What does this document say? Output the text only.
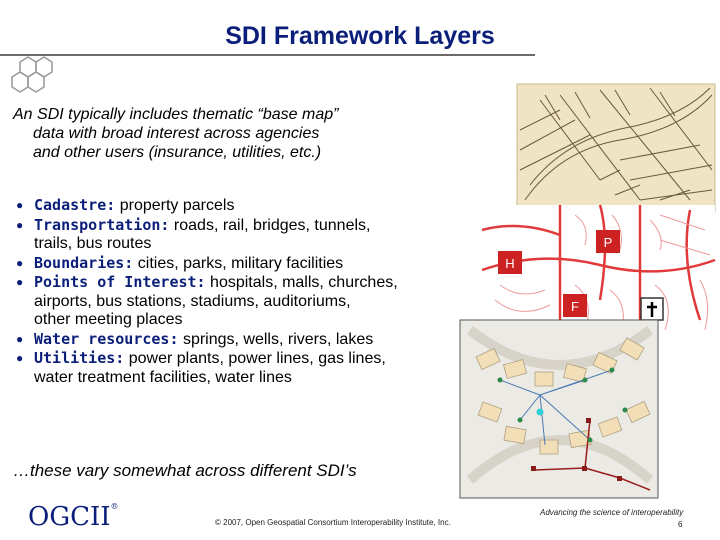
SDI Framework Layers
An SDI typically includes thematic “base map”
data with broad interest across agencies
and other users (insurance, utilities, etc.)
● Cadastre: property parcels
● Transportation: roads, rail, bridges, tunnels,
trails, bus routes
● Boundaries: cities, parks, military facilities
● Points of Interest: hospitals, malls, churches,
airports, bus stations, stadiums, auditoriums,
other meeting places
● Water resources: springs, wells, rivers, lakes
● Utilities: power plants, power lines, gas lines,
water treatment facilities, water lines
…these vary somewhat across different SDI’s
P
H
F
OGCII®
© 2007, Open Geospatial Consortium Interoperability Institute, Inc.
Advancing the science of interoperability
6
